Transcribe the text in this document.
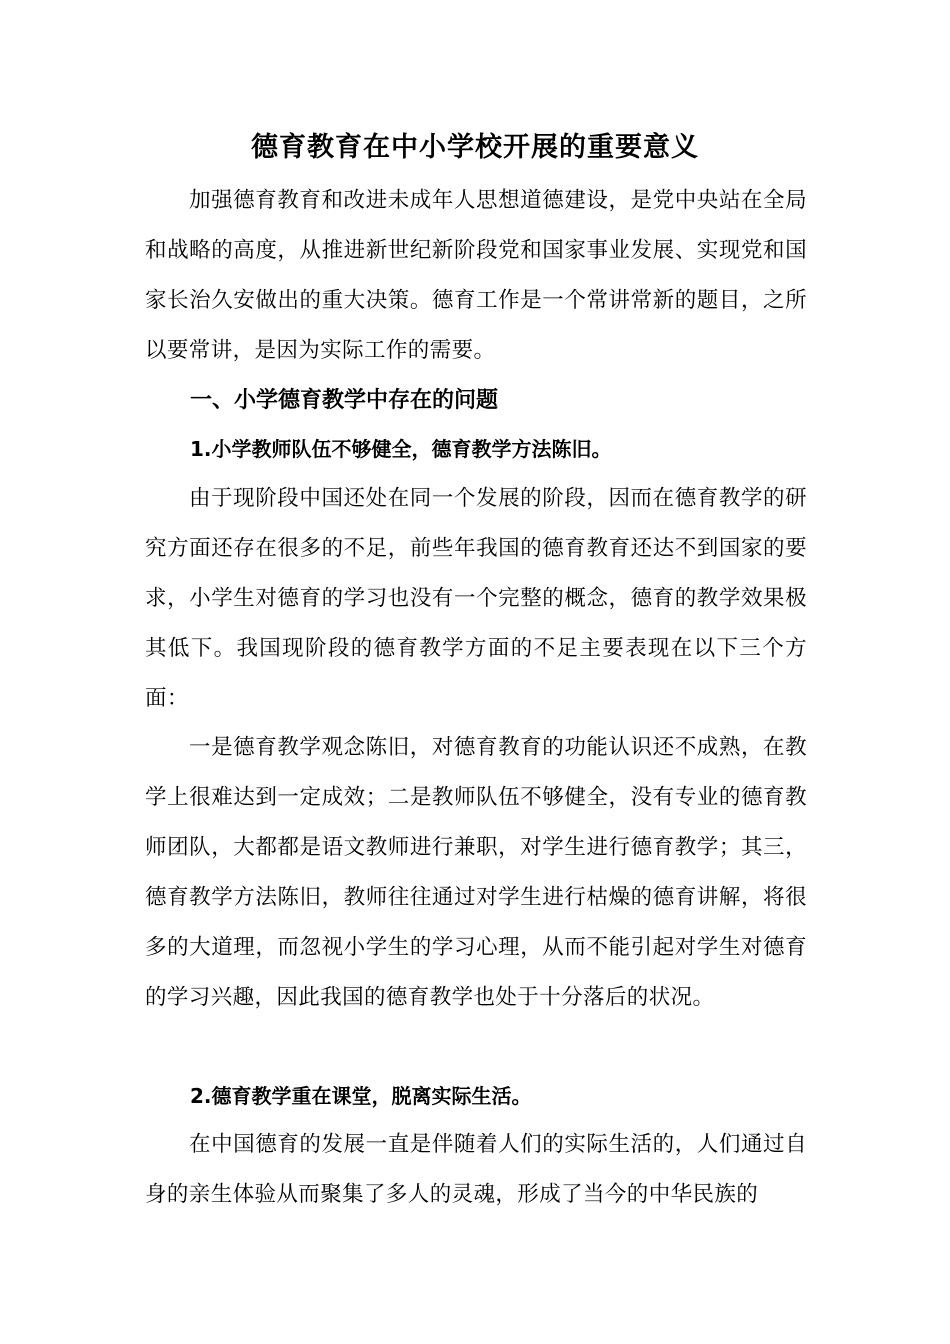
德育教育在中小学校开展的重要意义

加强德育教育和改进未成年人思想道德建设，是党中央站在全局和战略的高度，从推进新世纪新阶段党和国家事业发展、实现党和国家长治久安做出的重大决策。德育工作是一个常讲常新的题目，之所以要常讲，是因为实际工作的需要。

一、小学德育教学中存在的问题
1.小学教师队伍不够健全，德育教学方法陈旧。

由于现阶段中国还处在同一个发展的阶段，因而在德育教学的研究方面还存在很多的不足，前些年我国的德育教育还达不到国家的要求，小学生对德育的学习也没有一个完整的概念，德育的教学效果极其低下。我国现阶段的德育教学方面的不足主要表现在以下三个方面：

一是德育教学观念陈旧，对德育教育的功能认识还不成熟，在教学上很难达到一定成效；二是教师队伍不够健全，没有专业的德育教师团队，大都都是语文教师进行兼职，对学生进行德育教学；其三，德育教学方法陈旧，教师往往通过对学生进行枯燥的德育讲解，将很多的大道理，而忽视小学生的学习心理，从而不能引起对学生对德育的学习兴趣，因此我国的德育教学也处于十分落后的状况。

2.德育教学重在课堂，脱离实际生活。

在中国德育的发展一直是伴随着人们的实际生活的，人们通过自身的亲生体验从而聚集了多人的灵魂，形成了当今的中华民族的
